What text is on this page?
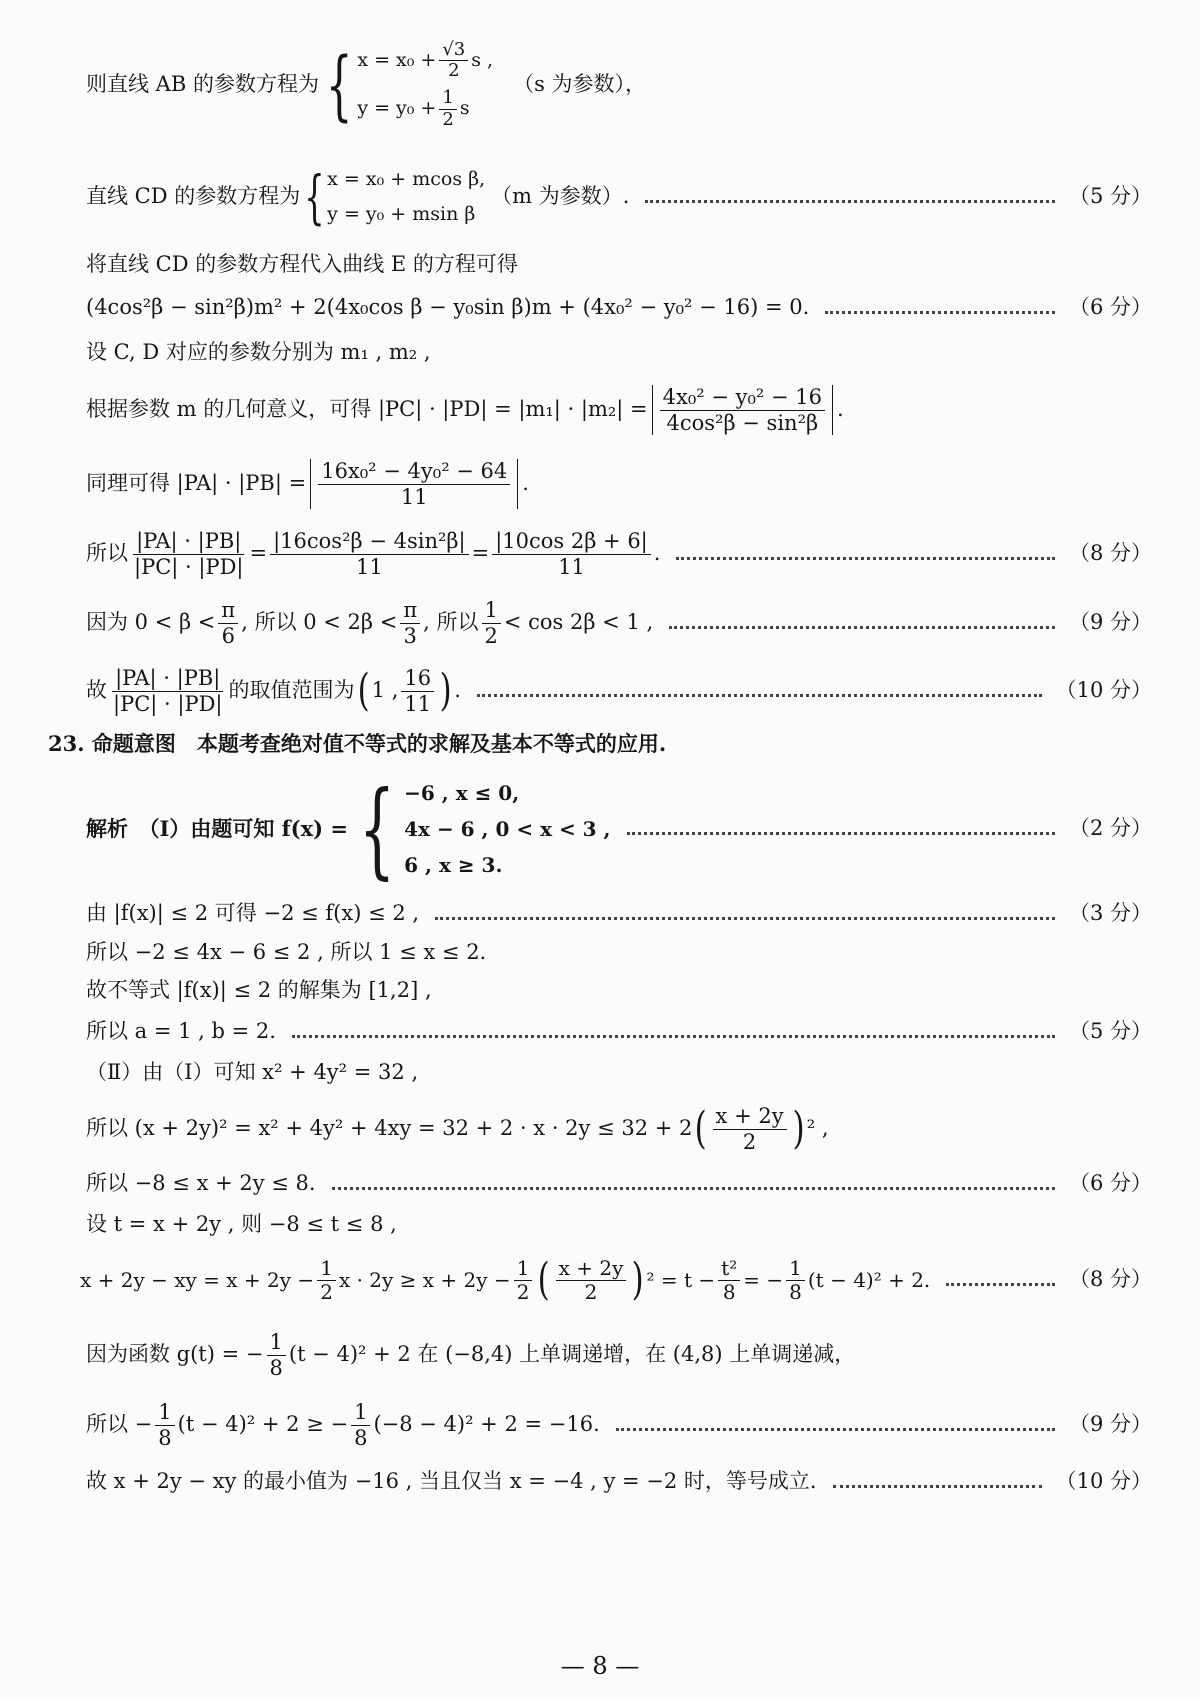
则直线 AB 的参数方程为 { $x = x_0 + \frac{√3}{2}$ s ,
$y = y_0 + \frac{1}{2}$ s
（s 为参数），
直线 CD 的参数方程为 { x = x₀ + mcos β,
y = y₀ + msin β
（m 为参数）.	（5 分）
将直线 CD 的参数方程代入曲线 E 的方程可得
(4cos²β − sin²β)m² + 2(4x₀cos β − y₀sin β)m + (4x₀² − y₀² − 16) = 0.	（6 分）
设 C, D 对应的参数分别为 m₁ , m₂ ,
根据参数 m 的几何意义，可得 $|PC| \cdot |PD| = |m_1| \cdot |m_2| = \frac{\text{4x₀² − y₀² − 16}}{\text{4cos²β − sin²β}}$ .
同理可得 $|PA| \cdot |PB| = \frac{\text{16x₀² − 4y₀² − 64}}{11}$ .
所以 $\frac{|PA| \cdot |PB|}{|PC| \cdot |PD|} = \frac{\text{|16cos²β − 4sin²β|}}{11} = \frac{|10\cos 2\beta + 6|}{11}$ .	（8 分）
因为 $0 < \beta < \frac{\pi}{6}$ , 所以 $0 < 2\beta < \frac{\pi}{3}$ , 所以 $\frac{1}{2} < \cos 2\beta < 1$ ,	（9 分）
故 $\frac{|PA| \cdot |PB|}{|PC| \cdot |PD|}$ 的取值范围为 ( 1 , $\frac{16}{11}$ ) .	（10 分）
23. 命题意图　本题考查绝对值不等式的求解及基本不等式的应用.
解析　（Ⅰ）由题可知 f(x) = { −6 , x ≤ 0,
4x − 6 , 0 < x < 3 ,
6 , x ≥ 3.
（2 分）
由 |f(x)| ≤ 2 可得 −2 ≤ f(x) ≤ 2 ,	（3 分）
所以 −2 ≤ 4x − 6 ≤ 2 , 所以 1 ≤ x ≤ 2.
故不等式 |f(x)| ≤ 2 的解集为 [1,2] ,
所以 a = 1 , b = 2.	（5 分）
（Ⅱ）由（Ⅰ）可知 x² + 4y² = 32 ,
所以 (x + 2y)² = x² + 4y² + 4xy = 32 + 2 · x · 2y ≤ 32 + 2 ( $\frac{x + 2y}{2}$ ) ² ,
所以 −8 ≤ x + 2y ≤ 8.	（6 分）
设 t = x + 2y , 则 −8 ≤ t ≤ 8 ,
x + 2y − xy = $x + 2y - \frac{1}{2}$ $x \cdot 2y \ge x + 2y - \frac{1}{2}$ ( $\frac{x + 2y}{2}$ ) $^2 = t - \frac{\text{t²}}{8}$ = − $\frac{1}{8} (t - 4)^2 + 2$.	（8 分）
因为函数 g(t) = − $\frac{1}{8} (t - 4)^2 + 2$ 在 (−8,4) 上单调递增，在 (4,8) 上单调递减，
所以 − $\frac{1}{8} (t - 4)^2 + 2$ ≥ − $\frac{1}{8} (-8 - 4)^2 + 2 = -16$.	（9 分）
故 x + 2y − xy 的最小值为 −16 , 当且仅当 x = −4 , y = −2 时，等号成立.	（10 分）
— 8 —
